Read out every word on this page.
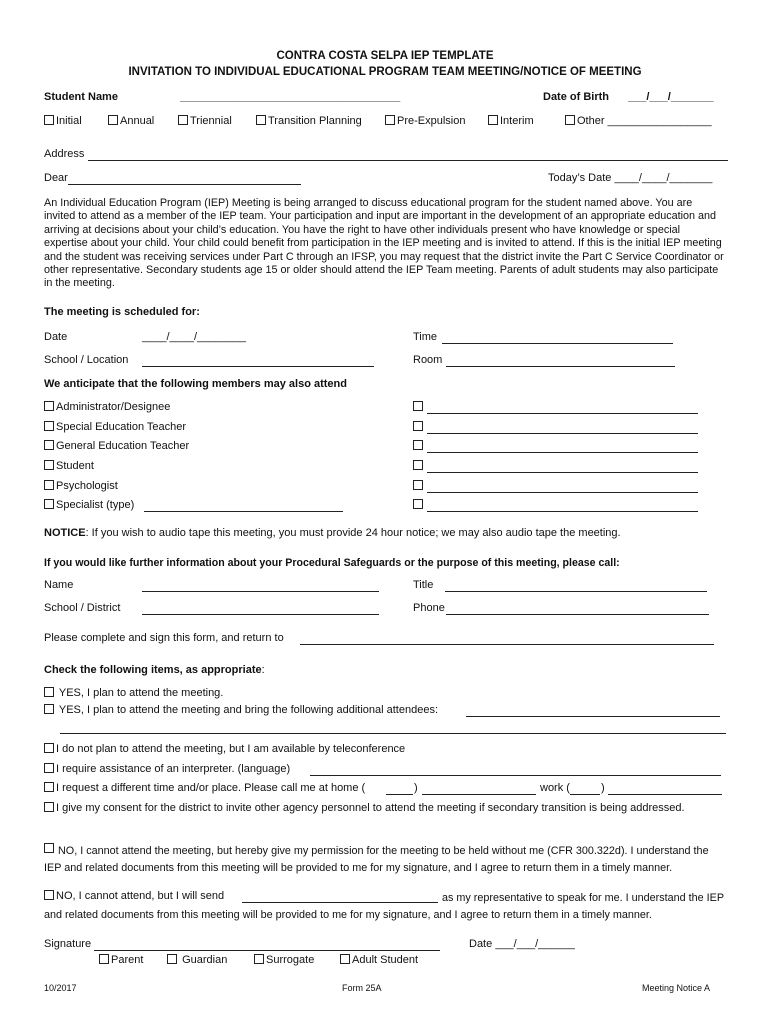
CONTRA COSTA SELPA IEP TEMPLATE
INVITATION TO INDIVIDUAL EDUCATIONAL PROGRAM TEAM MEETING/NOTICE OF MEETING
Student Name	____________________________________	Date of Birth ___/___/_______
Initial	Annual	Triennial	Transition Planning	Pre-Expulsion	Interim	Other _________________
Address
Dear	Today’s Date ____/____/_______
An Individual Education Program (IEP) Meeting is being arranged to discuss educational program for the student named above. You are invited to attend as a member of the IEP team. Your participation and input are important in the development of an appropriate education and arriving at decisions about your child’s education. You have the right to have other individuals present who have knowledge or special expertise about your child. Your child could benefit from participation in the IEP meeting and is invited to attend. If this is the initial IEP meeting and the student was receiving services under Part C through an IFSP, you may request that the district invite the Part C Service Coordinator or other representative. Secondary students age 15 or older should attend the IEP Team meeting. Parents of adult students may also participate in the meeting.
The meeting is scheduled for:
Date	____/____/________	Time
School / Location	Room
We anticipate that the following members may also attend
Administrator/Designee
Special Education Teacher
General Education Teacher
Student
Psychologist
Specialist (type)
NOTICE: If you wish to audio tape this meeting, you must provide 24 hour notice; we may also audio tape the meeting.
If you would like further information about your Procedural Safeguards or the purpose of this meeting, please call:
Name	Title
School / District	Phone
Please complete and sign this form, and return to
Check the following items, as appropriate:
YES, I plan to attend the meeting.
YES, I plan to attend the meeting and bring the following additional attendees:
I do not plan to attend the meeting, but I am available by teleconference
I require assistance of an interpreter. (language)
I request a different time and/or place. Please call me at home (	)	work (	)
I give my consent for the district to invite other agency personnel to attend the meeting if secondary transition is being addressed.
NO, I cannot attend the meeting, but hereby give my permission for the meeting to be held without me (CFR 300.322d). I understand the IEP and related documents from this meeting will be provided to me for my signature, and I agree to return them in a timely manner.
NO, I cannot attend, but I will send	as my representative to speak for me. I understand the IEP and related documents from this meeting will be provided to me for my signature, and I agree to return them in a timely manner.
Signature	Date ___/___/______
Parent	Guardian	Surrogate	Adult Student
10/2017	Form 25A	Meeting Notice A
